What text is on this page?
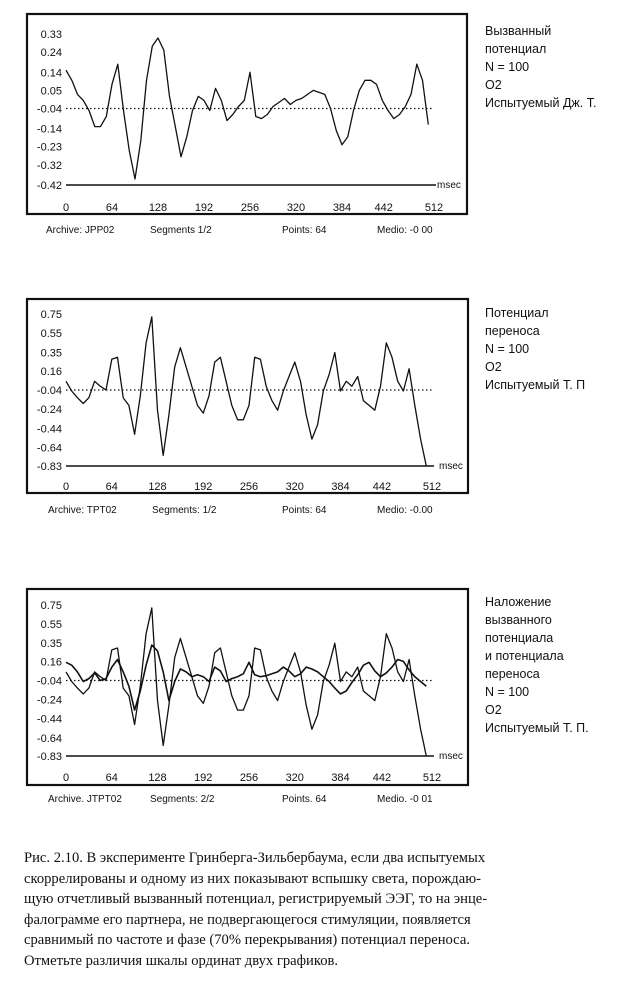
0.33
0.24
0.14
0.05
-0.04
-0.14
-0.23
-0.32
-0.42
0	64	128	192	256	320	384 442	512
msec
Вызванный
потенциал
N = 100
O2
Испытуемый Дж. Т.
Archive: JPP02	Segments 1/2	Points: 64	Medio: -0 00
0.75
0.55
0.35
0.16
-0.04
-0.24
-0.44
-0.64
-0.83
0	64	128 192 256 320 384 442	512
msec
Потенциал
переноса
N = 100
O2
Испытуемый Т. П
Archive: TPT02	Segments: 1/2	Points: 64	Medio: -0.00
0.75
0.55
0.35
0.16
-0.04
-0.24
-0.44
-0.64
-0.83
0	64	128 192 256 320 384 442	512
msec
Наложение
вызванного
потенциала
и потенциала
переноса
N = 100
O2
Испытуемый Т. П.
Archive. JTPT02	Segments: 2/2	Points. 64	Medio. -0 01
Рис. 2.10. В эксперименте Гринберга-Зильбербаума, если два испытуемых
скоррелированы и одному из них показывают вспышку света, порождаю-
щую отчетливый вызванный потенциал, регистрируемый ЭЭГ, то на энце-
фалограмме его партнера, не подвергающегося стимуляции, появляется
сравнимый по частоте и фазе (70% перекрывания) потенциал переноса.
Отметьте различия шкалы ординат двух графиков.
